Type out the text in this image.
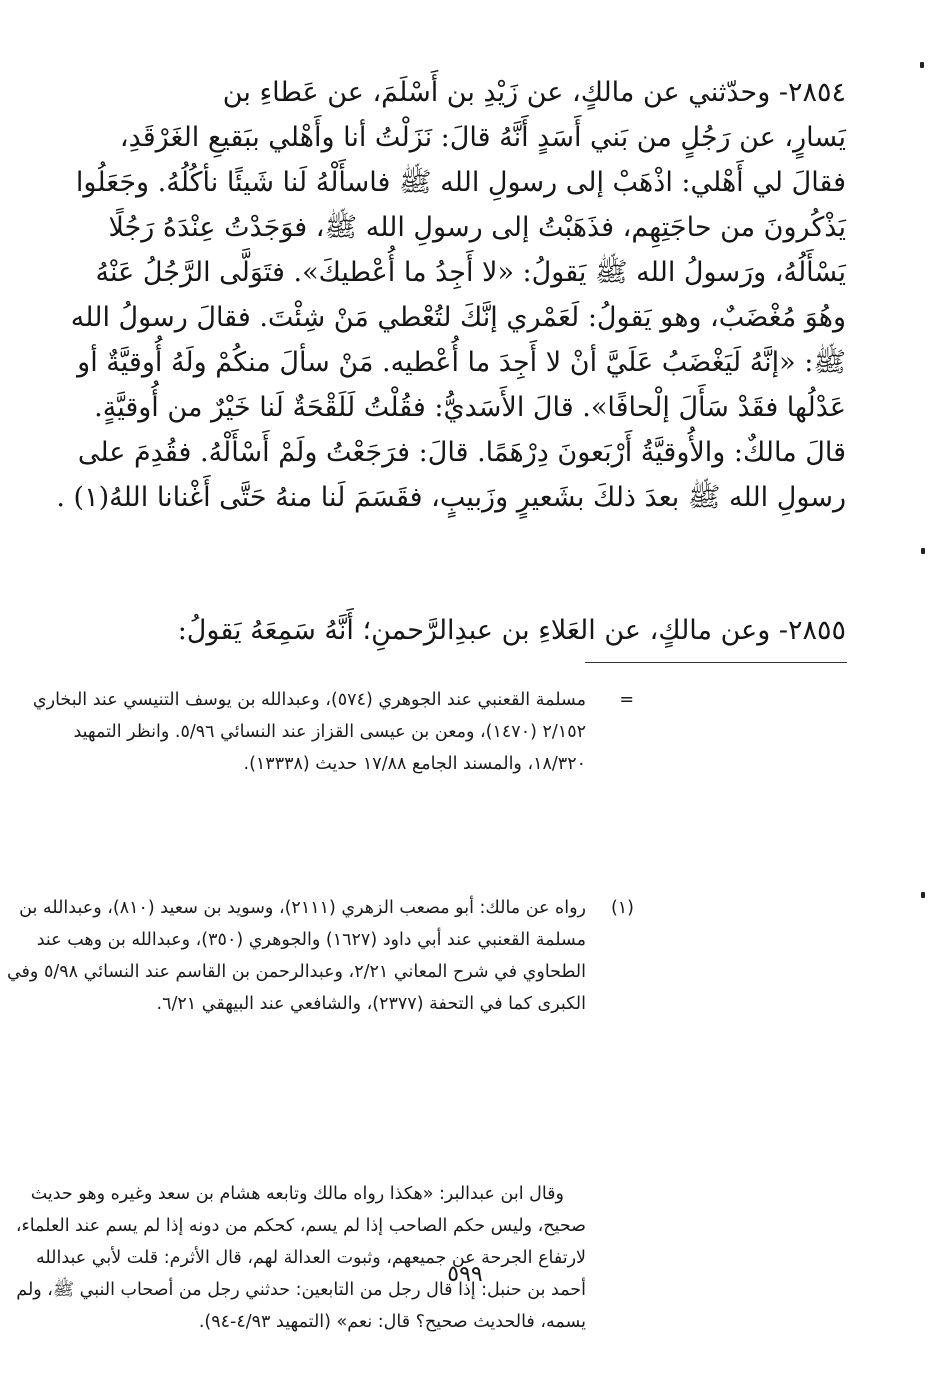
٢٨٥٤- وحدّثني عن مالكٍ، عن زَيْدِ بن أَسْلَمَ، عن عَطاءِ بن
يَسارٍ، عن رَجُلٍ من بَني أَسَدٍ أَنَّهُ قالَ: نَزَلْتُ أنا وأَهْلي ببَقيعِ الغَرْقَدِ،
فقالَ لي أَهْلي: اذْهَبْ إلى رسولِ الله ﷺ فاسأَلْهُ لَنا شَيئًا نأكُلُهُ. وجَعَلُوا
يَذْكُرونَ من حاجَتِهِم، فذَهَبْتُ إلى رسولِ الله ﷺ، فوَجَدْتُ عِنْدَهُ رَجُلًا
يَسْأَلُهُ، ورَسولُ الله ﷺ يَقولُ: «لا أَجِدُ ما أُعْطيكَ». فتَوَلَّى الرَّجُلُ عَنْهُ
وهُوَ مُغْضَبٌ، وهو يَقولُ: لَعَمْري إنَّكَ لتُعْطي مَنْ شِئْتَ. فقالَ رسولُ الله
ﷺ: «إنَّهُ لَيَغْضَبُ عَلَيَّ أنْ لا أَجِدَ ما أُعْطيه. مَنْ سألَ منكُمْ ولَهُ أُوقيَّةٌ أو
عَدْلُها فقَدْ سَأَلَ إلْحافًا». قالَ الأَسَديُّ: فقُلْتُ لَلَقْحَةٌ لَنا خَيْرٌ من أُوقيَّةٍ.
قالَ مالكٌ: والأُوقيَّةُ أَرْبَعونَ دِرْهَمًا. قالَ: فرَجَعْتُ ولَمْ أَسْأَلْهُ. فقُدِمَ على
رسولِ الله ﷺ بعدَ ذلكَ بشَعيرٍ وزَبيبٍ، فقَسَمَ لَنا منهُ حَتَّى أَغْنانا اللهُ(١) .
٢٨٥٥- وعن مالكٍ، عن العَلاءِ بن عبدِالرَّحمنِ؛ أَنَّهُ سَمِعَهُ يَقولُ:
=
مسلمة القعنبي عند الجوهري (٥٧٤)، وعبدالله بن يوسف التنيسي عند البخاري
٢/١٥٢ (١٤٧٠)، ومعن بن عيسى القزاز عند النسائي ٥/٩٦. وانظر التمهيد
١٨/٣٢٠، والمسند الجامع ١٧/٨٨ حديث (١٣٣٣٨).
(١)
رواه عن مالك: أبو مصعب الزهري (٢١١١)، وسويد بن سعيد (٨١٠)، وعبدالله بن
مسلمة القعنبي عند أبي داود (١٦٢٧) والجوهري (٣٥٠)، وعبدالله بن وهب عند
الطحاوي في شرح المعاني ٢/٢١، وعبدالرحمن بن القاسم عند النسائي ٥/٩٨ وفي
الكبرى كما في التحفة (٢٣٧٧)، والشافعي عند البيهقي ٦/٢١.
وقال ابن عبدالبر: «هكذا رواه مالك وتابعه هشام بن سعد وغيره وهو حديث
صحيح، وليس حكم الصاحب إذا لم يسم، كحكم من دونه إذا لم يسم عند العلماء،
لارتفاع الجرحة عن جميعهم، وثبوت العدالة لهم، قال الأثرم: قلت لأبي عبدالله
أحمد بن حنبل: إذا قال رجل من التابعين: حدثني رجل من أصحاب النبي ﷺ، ولم
يسمه، فالحديث صحيح؟ قال: نعم» (التمهيد ٤/٩٣-٩٤).
٥٩٩
